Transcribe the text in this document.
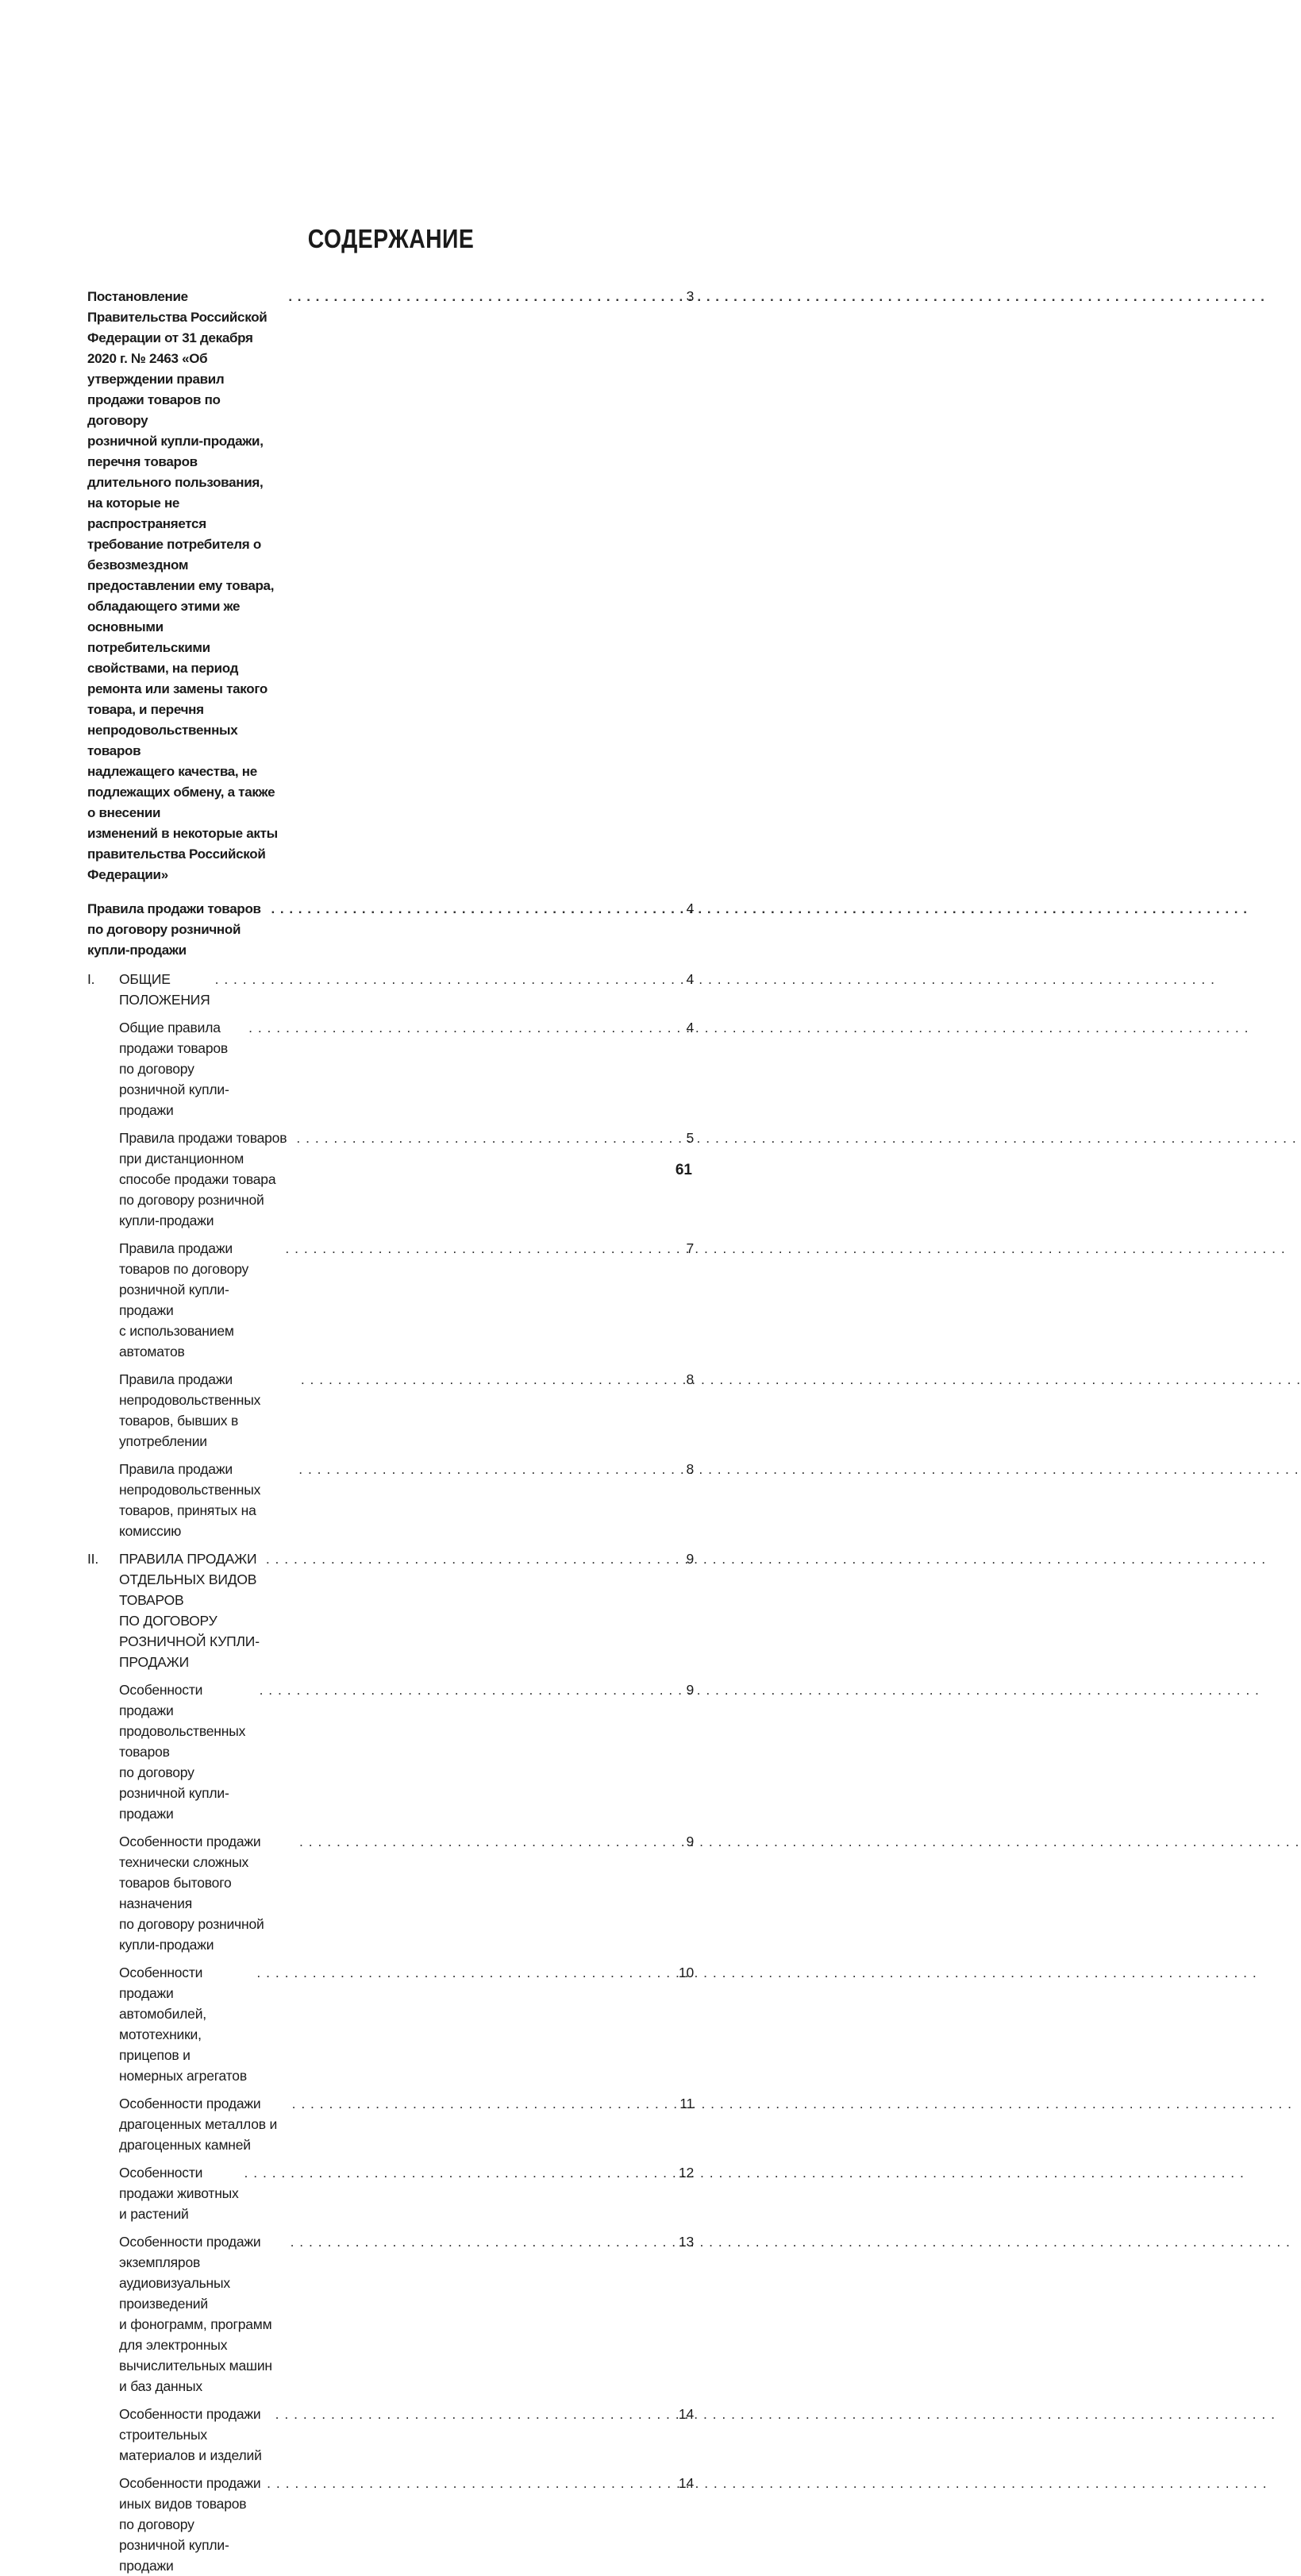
СОДЕРЖАНИЕ
Постановление Правительства Российской Федерации от 31 декабря
2020 г. № 2463 «Об утверждении правил продажи товаров по договору
розничной купли-продажи, перечня товаров длительного пользования,
на которые не распространяется требование потребителя о безвозмездном
предоставлении ему товара, обладающего этими же основными
потребительскими свойствами, на период ремонта или замены такого
товара, и перечня непродовольственных товаров
надлежащего качества, не подлежащих обмену, а также о внесении
изменений в некоторые акты правительства Российской Федерации»
. . .
3
Правила продажи товаров по договору розничной купли-продажи
. . .
4
I. ОБЩИЕ ПОЛОЖЕНИЯ
. . .
4
Общие правила продажи товаров по договору
розничной купли-продажи
. . .
4
Правила продажи товаров при дистанционном способе продажи товара
по договору розничной купли-продажи
. . .
5
Правила продажи товаров по договору розничной купли-продажи
с использованием автоматов
. . .
7
Правила продажи непродовольственных товаров, бывших в употреблении
. . .
8
Правила продажи непродовольственных товаров, принятых на комиссию
. . .
8
II. ПРАВИЛА ПРОДАЖИ ОТДЕЛЬНЫХ ВИДОВ ТОВАРОВ
ПО ДОГОВОРУ РОЗНИЧНОЙ КУПЛИ-ПРОДАЖИ
. . .
9
Особенности продажи продовольственных товаров
по договору розничной купли-продажи
. . .
9
Особенности продажи технически сложных товаров бытового назначения
по договору розничной купли-продажи
. . .
9
Особенности продажи автомобилей, мототехники,
прицепов и номерных агрегатов
. . .
10
Особенности продажи драгоценных металлов и драгоценных камней
. . .
11
Особенности продажи животных и растений
. . .
12
Особенности продажи экземпляров аудиовизуальных произведений
и фонограмм, программ для электронных вычислительных машин
и баз данных
. . .
13
Особенности продажи строительных материалов и изделий
. . .
14
Особенности продажи иных видов товаров по договору
розничной купли-продажи
. . .
14
61
